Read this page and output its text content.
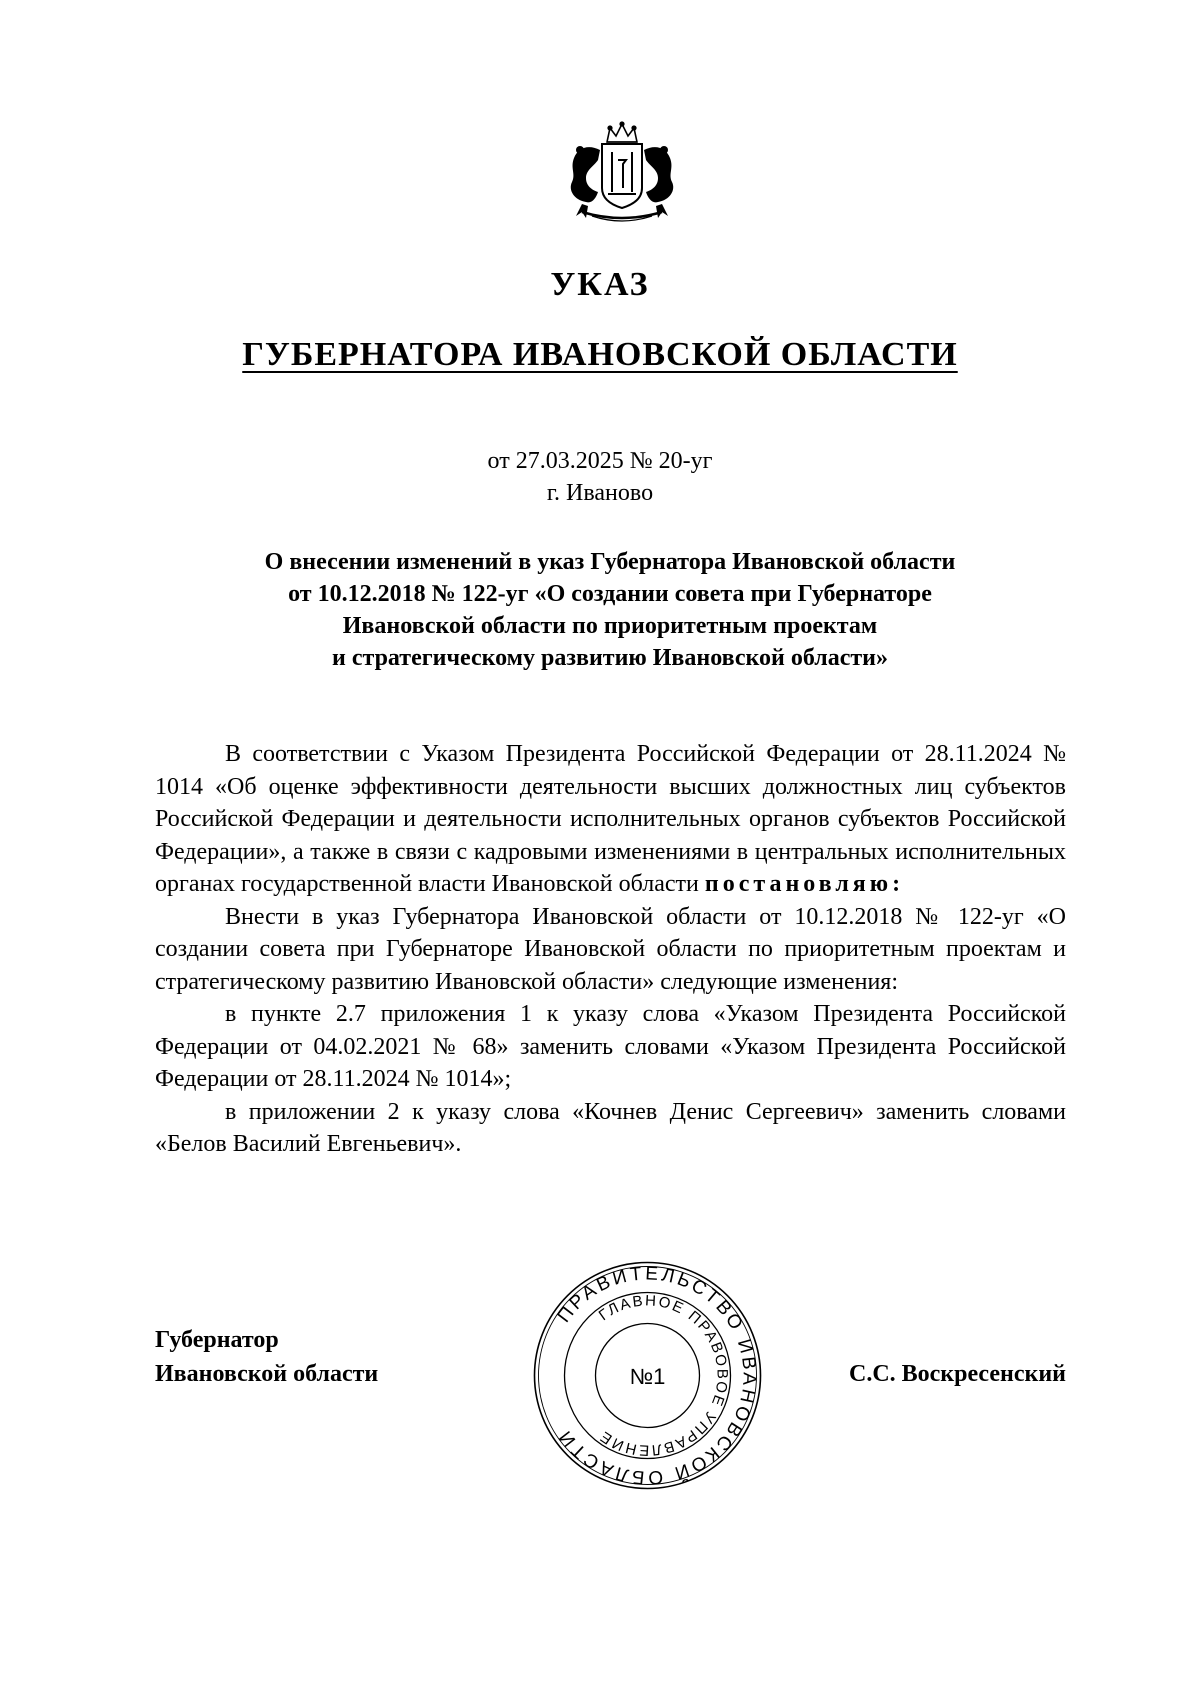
УКАЗ
ГУБЕРНАТОРА ИВАНОВСКОЙ ОБЛАСТИ
от 27.03.2025 № 20-уг
г. Иваново
О внесении изменений в указ Губернатора Ивановской области
от 10.12.2018 № 122-уг «О создании совета при Губернаторе
Ивановской области по приоритетным проектам
и стратегическому развитию Ивановской области»

В соответствии с Указом Президента Российской Федерации от 28.11.2024 № 1014 «Об оценке эффективности деятельности высших должностных лиц субъектов Российской Федерации и деятельности исполнительных органов субъектов Российской Федерации», а также в связи с кадровыми изменениями в центральных исполнительных органах государственной власти Ивановской области постановляю:

Внести в указ Губернатора Ивановской области от 10.12.2018 № 122-уг «О создании совета при Губернаторе Ивановской области по приоритетным проектам и стратегическому развитию Ивановской области» следующие изменения:

в пункте 2.7 приложения 1 к указу слова «Указом Президента Российской Федерации от 04.02.2021 № 68» заменить словами «Указом Президента Российской Федерации от 28.11.2024 № 1014»;

в приложении 2 к указу слова «Кочнев Денис Сергеевич» заменить словами «Белов Василий Евгеньевич».

Губернатор
Ивановской области	С.С. Воскресенский
ПРАВИТЕЛЬСТВО ИВАНОВСКОЙ ОБЛАСТИ
ГЛАВНОЕ ПРАВОВОЕ УПРАВЛЕНИЕ
№1
